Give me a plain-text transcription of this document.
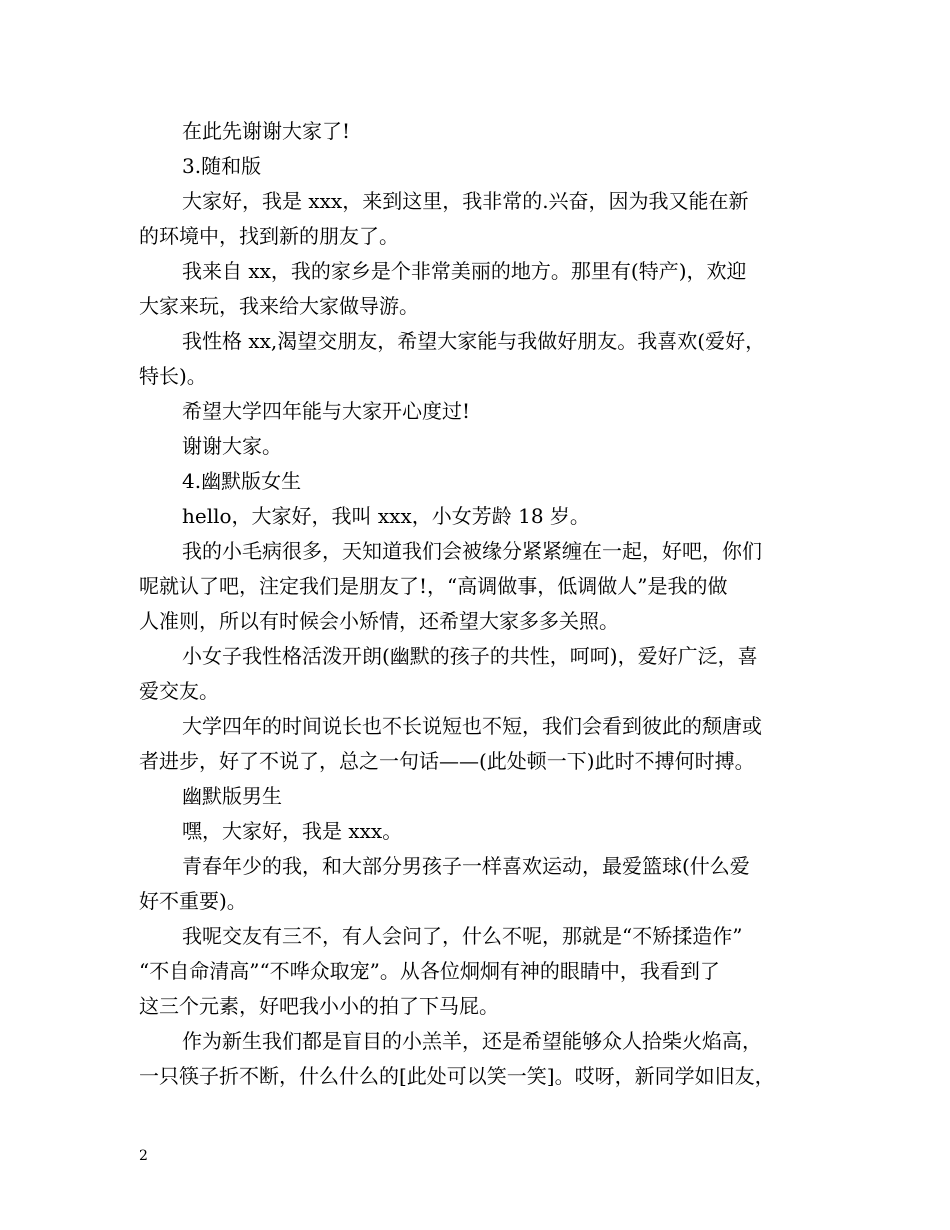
在此先谢谢大家了!
3.随和版
大家好，我是 xxx，来到这里，我非常的.兴奋，因为我又能在新
的环境中，找到新的朋友了。
我来自 xx，我的家乡是个非常美丽的地方。那里有(特产)，欢迎
大家来玩，我来给大家做导游。
我性格 xx,渴望交朋友，希望大家能与我做好朋友。我喜欢(爱好，
特长)。
希望大学四年能与大家开心度过!
谢谢大家。
4.幽默版女生
hello，大家好，我叫 xxx，小女芳龄 18 岁。
我的小毛病很多，天知道我们会被缘分紧紧缠在一起，好吧，你们
呢就认了吧，注定我们是朋友了!，“高调做事，低调做人”是我的做
人准则，所以有时候会小矫情，还希望大家多多关照。
小女子我性格活泼开朗(幽默的孩子的共性，呵呵)，爱好广泛，喜
爱交友。
大学四年的时间说长也不长说短也不短，我们会看到彼此的颓唐或
者进步，好了不说了，总之一句话——(此处顿一下)此时不搏何时搏。
幽默版男生
嘿，大家好，我是 xxx。
青春年少的我，和大部分男孩子一样喜欢运动，最爱篮球(什么爱
好不重要)。
我呢交友有三不，有人会问了，什么不呢，那就是“不矫揉造作”
“不自命清高”“不哗众取宠”。从各位炯炯有神的眼睛中，我看到了
这三个元素，好吧我小小的拍了下马屁。
作为新生我们都是盲目的小羔羊，还是希望能够众人拾柴火焰高，
一只筷子折不断，什么什么的[此处可以笑一笑]。哎呀，新同学如旧友，
2
